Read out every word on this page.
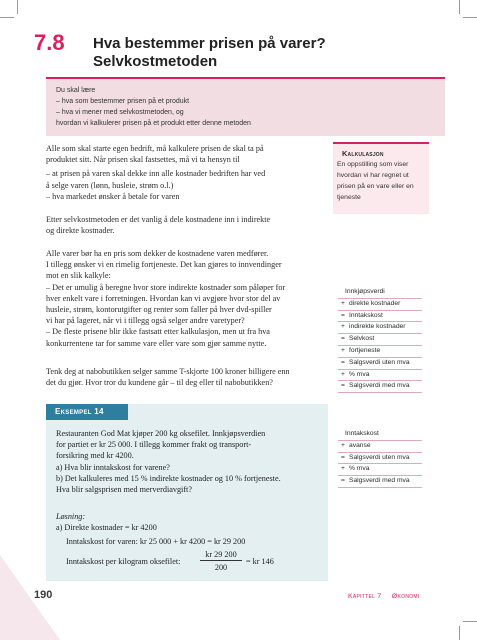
7.8 Hva bestemmer prisen på varer?
Selvkostmetoden
Du skal lære
– hva som bestemmer prisen på et produkt
– hva vi mener med selvkostmetoden, og
hvordan vi kalkulerer prisen på et produkt etter denne metoden
Alle som skal starte egen bedrift, må kalkulere prisen de skal ta på
produktet sitt. Når prisen skal fastsettes, må vi ta hensyn til
– at prisen på varen skal dekke inn alle kostnader bedriften har ved
å selge varen (lønn, husleie, strøm o.l.)
– hva markedet ønsker å betale for varen
Etter selvkostmetoden er det vanlig å dele kostnadene inn i indirekte
og direkte kostnader.
Alle varer bør ha en pris som dekker de kostnadene varen medfører.
I tillegg ønsker vi en rimelig fortjeneste. Det kan gjøres to innvendinger
mot en slik kalkyle:
– Det er umulig å beregne hvor store indirekte kostnader som påløper for
hver enkelt vare i forretningen. Hvordan kan vi avgjøre hvor stor del av
husleie, strøm, kontorutgifter og renter som faller på hver dvd-spiller
vi har på lageret, når vi i tillegg også selger andre varetyper?
– De fleste prisene blir ikke fastsatt etter kalkulasjon, men ut fra hva
konkurrentene tar for samme vare eller vare som gjør samme nytte.
Tenk deg at nabobutikken selger samme T-skjorte 100 kroner billigere enn
det du gjør. Hvor tror du kundene går – til deg eller til nabobutikken?
Kalkulasjon
En oppstilling som viser
hvordan vi har regnet ut
prisen på en vare eller en
tjeneste
Innkjøpsverdi
+ direkte kostnader
= Inntakskost
+ indirekte kostnader
= Selvkost
+ fortjeneste
= Salgsverdi uten mva
+ % mva
= Salgsverdi med mva
Inntakskost
+ avanse
= Salgsverdi uten mva
+ % mva
= Salgsverdi med mva
Eksempel 14
Restauranten God Mat kjøper 200 kg oksefilet. Innkjøpsverdien
for partiet er kr 25 000. I tillegg kommer frakt og transport-
forsikring med kr 4200.
a) Hva blir inntakskost for varene?
b) Det kalkuleres med 15 % indirekte kostnader og 10 % fortjeneste.
Hva blir salgsprisen med merverdiavgift?
Løsning:
a) Direkte kostnader = kr 4200
Inntakskost for varen: kr 25 000 + kr 4200 = kr 29 200
Inntakskost per kilogram oksefilet:
kr 29 200
200
= kr 146
190	Kapittel 7 Økonomi
